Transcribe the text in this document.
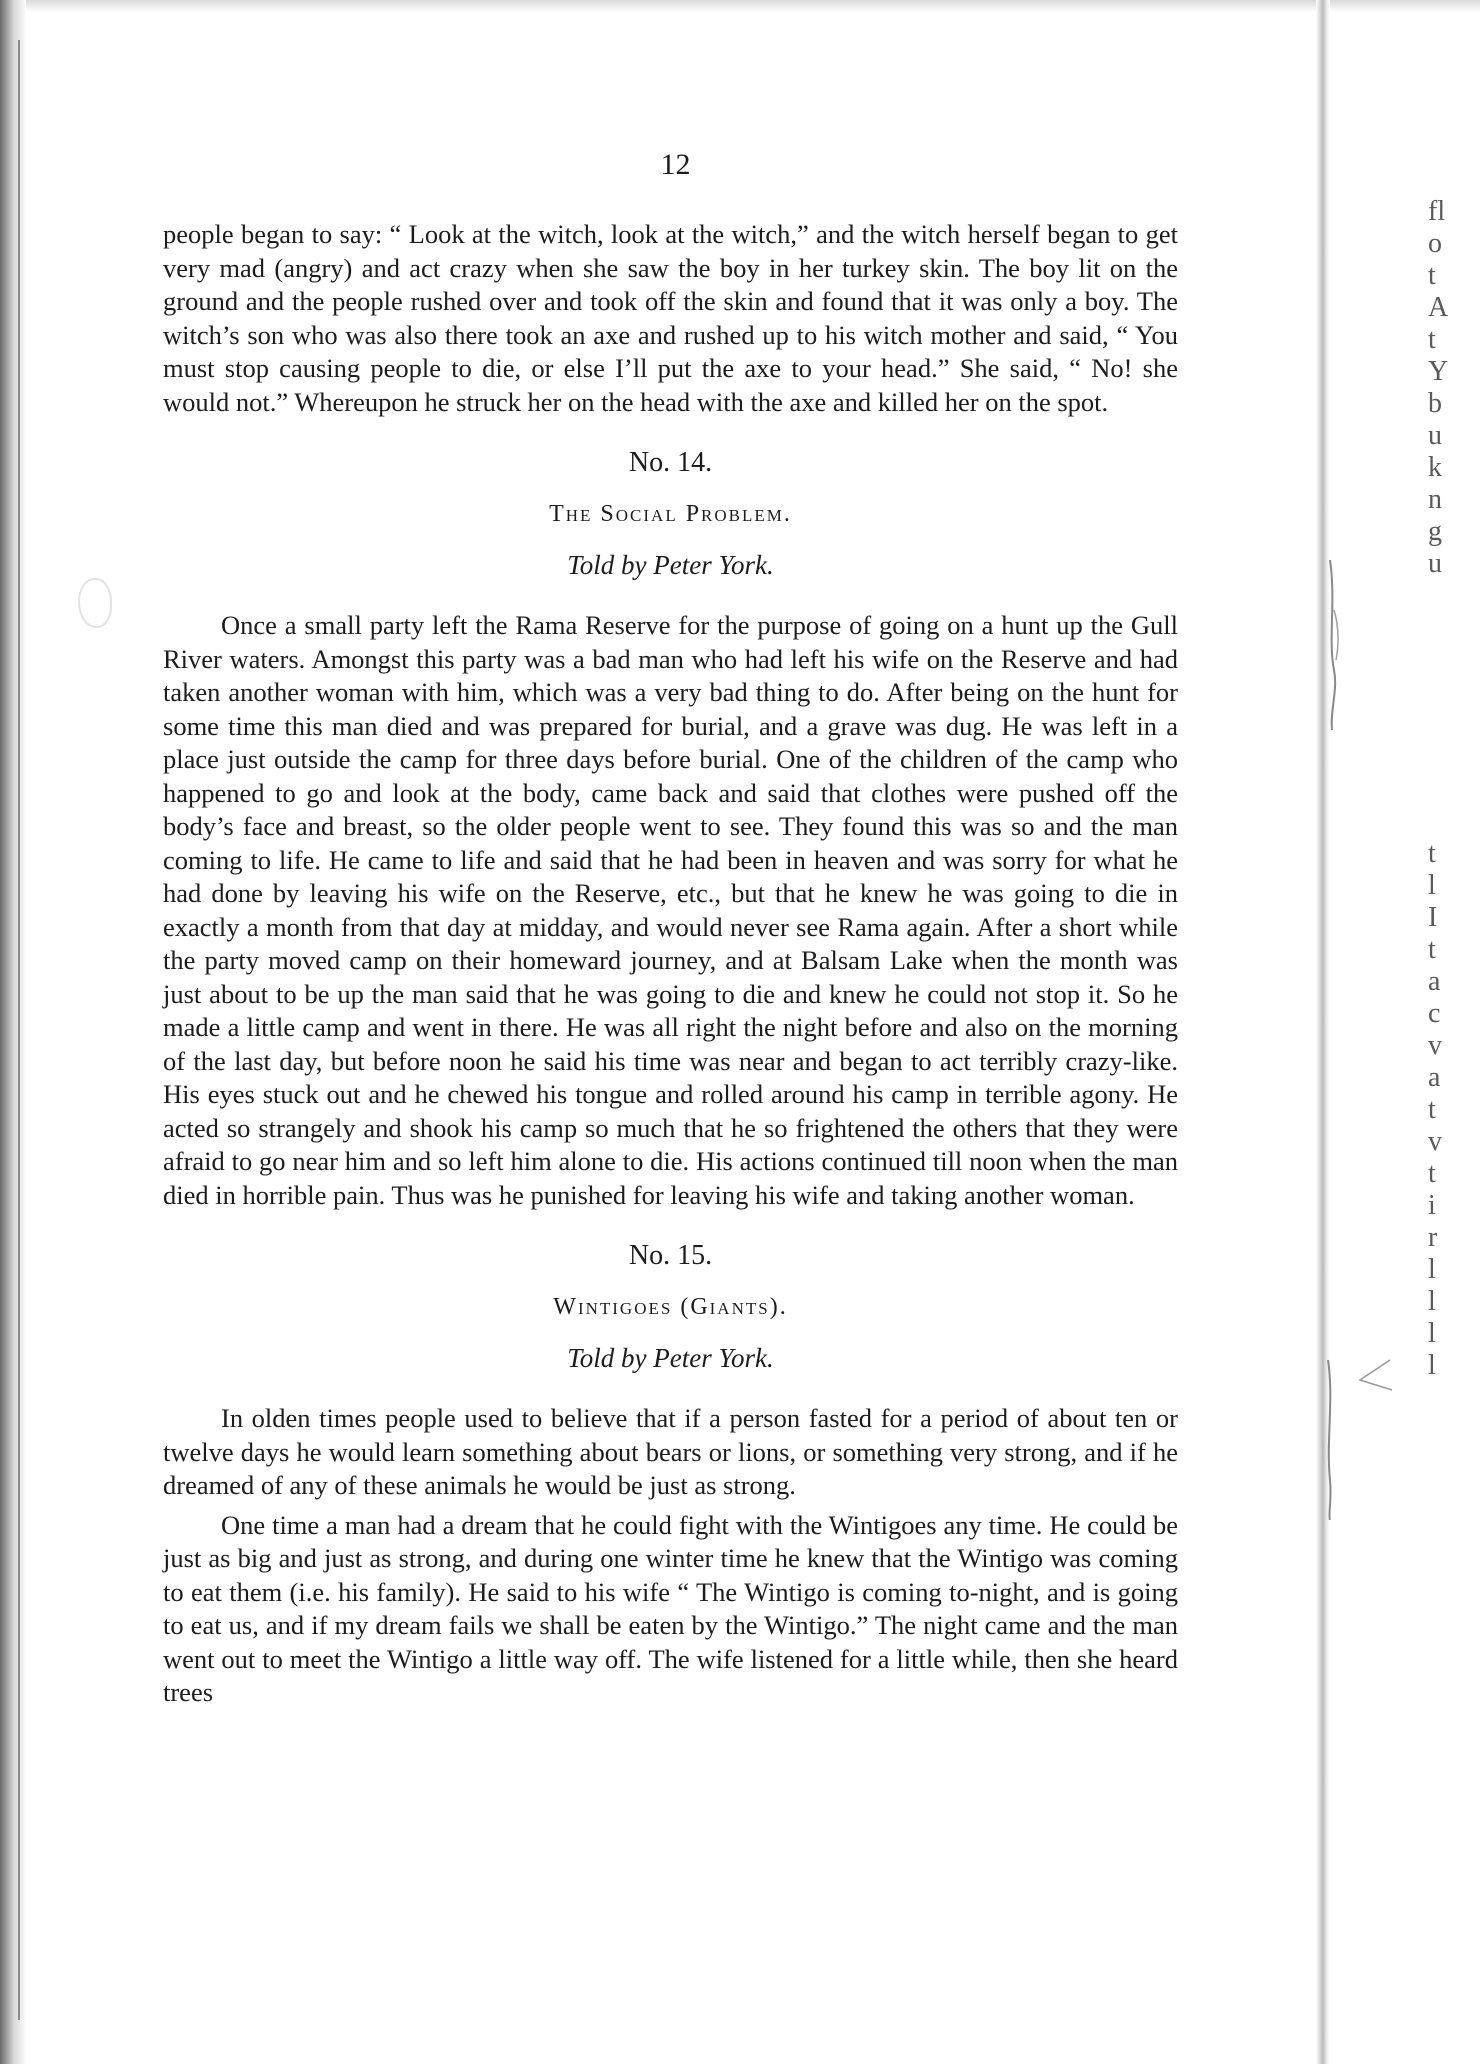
fl
o
t
A
t
Y
b
u
k
n
g
u
t
l
I
t
a
c
v
a
t
v
t
i
r
l
l
l
l
12

people began to say: “ Look at the witch, look at the witch,” and the witch herself began to get very mad (angry) and act crazy when she saw the boy in her turkey skin. The boy lit on the ground and the people rushed over and took off the skin and found that it was only a boy. The witch’s son who was also there took an axe and rushed up to his witch mother and said, “ You must stop causing people to die, or else I’ll put the axe to your head.” She said, “ No! she would not.” Whereupon he struck her on the head with the axe and killed her on the spot.

No. 14.
The Social Problem.
Told by Peter York.

Once a small party left the Rama Reserve for the purpose of going on a hunt up the Gull River waters. Amongst this party was a bad man who had left his wife on the Reserve and had taken another woman with him, which was a very bad thing to do. After being on the hunt for some time this man died and was prepared for burial, and a grave was dug. He was left in a place just outside the camp for three days before burial. One of the children of the camp who happened to go and look at the body, came back and said that clothes were pushed off the body’s face and breast, so the older people went to see. They found this was so and the man coming to life. He came to life and said that he had been in heaven and was sorry for what he had done by leaving his wife on the Reserve, etc., but that he knew he was going to die in exactly a month from that day at midday, and would never see Rama again. After a short while the party moved camp on their homeward journey, and at Balsam Lake when the month was just about to be up the man said that he was going to die and knew he could not stop it. So he made a little camp and went in there. He was all right the night before and also on the morning of the last day, but before noon he said his time was near and began to act terribly crazy-like. His eyes stuck out and he chewed his tongue and rolled around his camp in terrible agony. He acted so strangely and shook his camp so much that he so frightened the others that they were afraid to go near him and so left him alone to die. His actions continued till noon when the man died in horrible pain. Thus was he punished for leaving his wife and taking another woman.

No. 15.
Wintigoes (Giants).
Told by Peter York.

In olden times people used to believe that if a person fasted for a period of about ten or twelve days he would learn something about bears or lions, or something very strong, and if he dreamed of any of these animals he would be just as strong.

One time a man had a dream that he could fight with the Wintigoes any time. He could be just as big and just as strong, and during one winter time he knew that the Wintigo was coming to eat them (i.e. his family). He said to his wife “ The Wintigo is coming to-night, and is going to eat us, and if my dream fails we shall be eaten by the Wintigo.” The night came and the man went out to meet the Wintigo a little way off. The wife listened for a little while, then she heard trees
